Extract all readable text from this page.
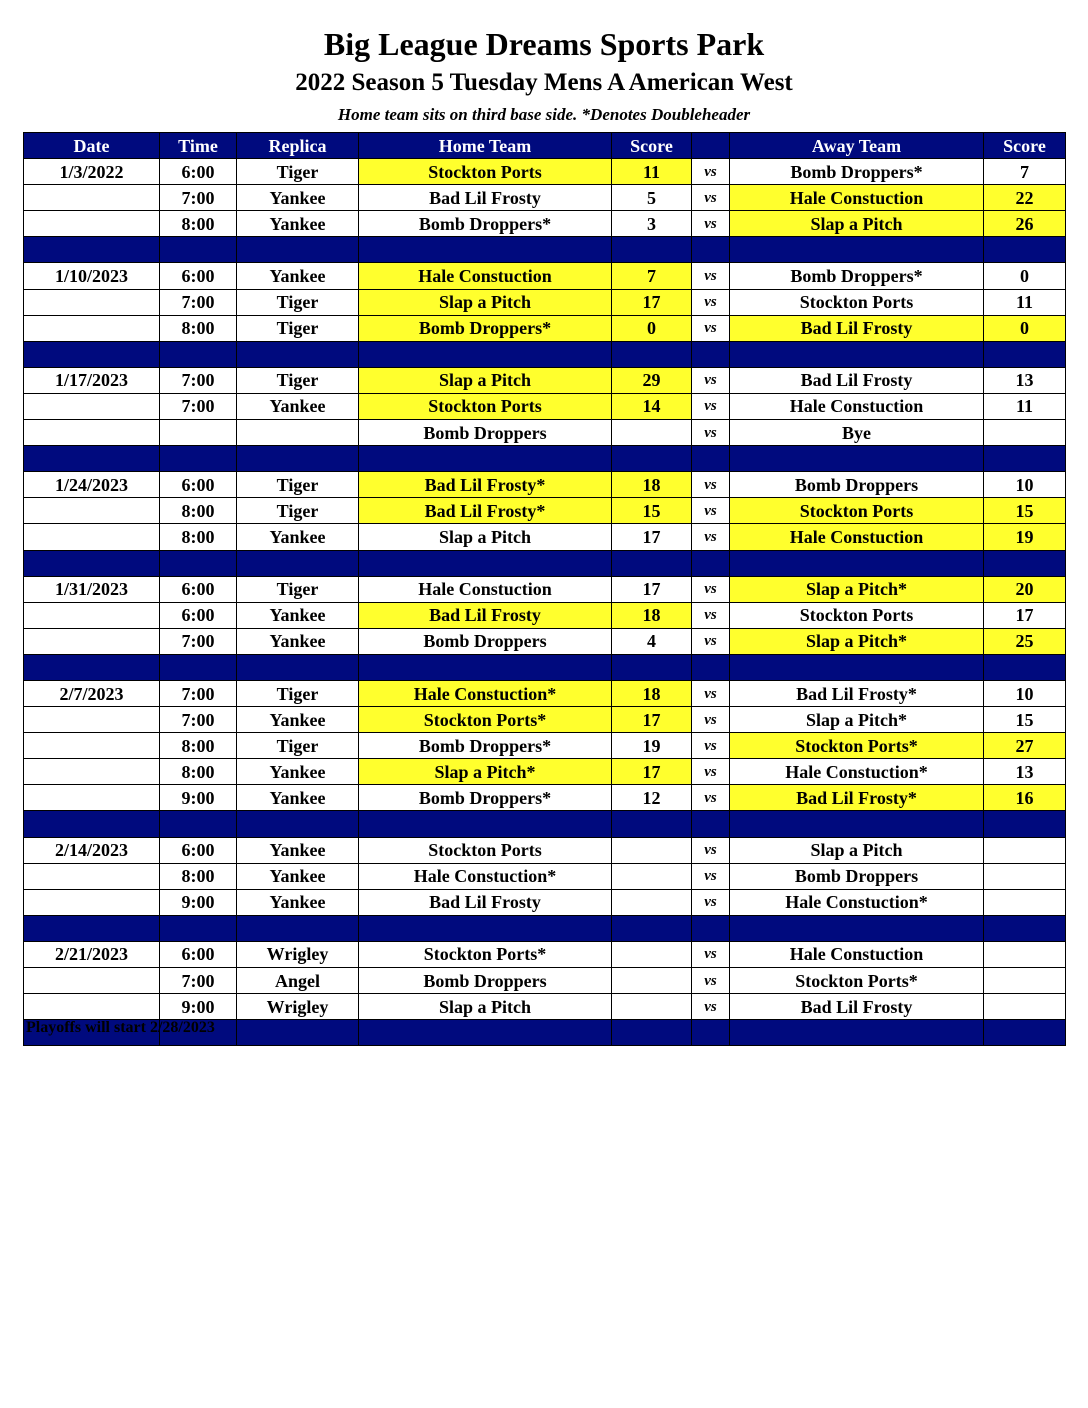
Big League Dreams Sports Park
2022 Season 5 Tuesday Mens A American West
Home team sits on third base side. *Denotes Doubleheader
Date	Time	Replica	Home Team	Score		Away Team	Score
1/3/2022	6:00	Tiger	Stockton Ports	11	vs	Bomb Droppers*	7
	7:00	Yankee	Bad Lil Frosty	5	vs	Hale Constuction	22
	8:00	Yankee	Bomb Droppers*	3	vs	Slap a Pitch	26

1/10/2023	6:00	Yankee	Hale Constuction	7	vs	Bomb Droppers*	0
	7:00	Tiger	Slap a Pitch	17	vs	Stockton Ports	11
	8:00	Tiger	Bomb Droppers*	0	vs	Bad Lil Frosty	0

1/17/2023	7:00	Tiger	Slap a Pitch	29	vs	Bad Lil Frosty	13
	7:00	Yankee	Stockton Ports	14	vs	Hale Constuction	11
			Bomb Droppers		vs	Bye	

1/24/2023	6:00	Tiger	Bad Lil Frosty*	18	vs	Bomb Droppers	10
	8:00	Tiger	Bad Lil Frosty*	15	vs	Stockton Ports	15
	8:00	Yankee	Slap a Pitch	17	vs	Hale Constuction	19

1/31/2023	6:00	Tiger	Hale Constuction	17	vs	Slap a Pitch*	20
	6:00	Yankee	Bad Lil Frosty	18	vs	Stockton Ports	17
	7:00	Yankee	Bomb Droppers	4	vs	Slap a Pitch*	25

2/7/2023	7:00	Tiger	Hale Constuction*	18	vs	Bad Lil Frosty*	10
	7:00	Yankee	Stockton Ports*	17	vs	Slap a Pitch*	15
	8:00	Tiger	Bomb Droppers*	19	vs	Stockton Ports*	27
	8:00	Yankee	Slap a Pitch*	17	vs	Hale Constuction*	13
	9:00	Yankee	Bomb Droppers*	12	vs	Bad Lil Frosty*	16

2/14/2023	6:00	Yankee	Stockton Ports		vs	Slap a Pitch	
	8:00	Yankee	Hale Constuction*		vs	Bomb Droppers	
	9:00	Yankee	Bad Lil Frosty		vs	Hale Constuction*	

2/21/2023	6:00	Wrigley	Stockton Ports*		vs	Hale Constuction	
	7:00	Angel	Bomb Droppers		vs	Stockton Ports*	
	9:00	Wrigley	Slap a Pitch		vs	Bad Lil Frosty	

Playoffs will start 2/28/2023
